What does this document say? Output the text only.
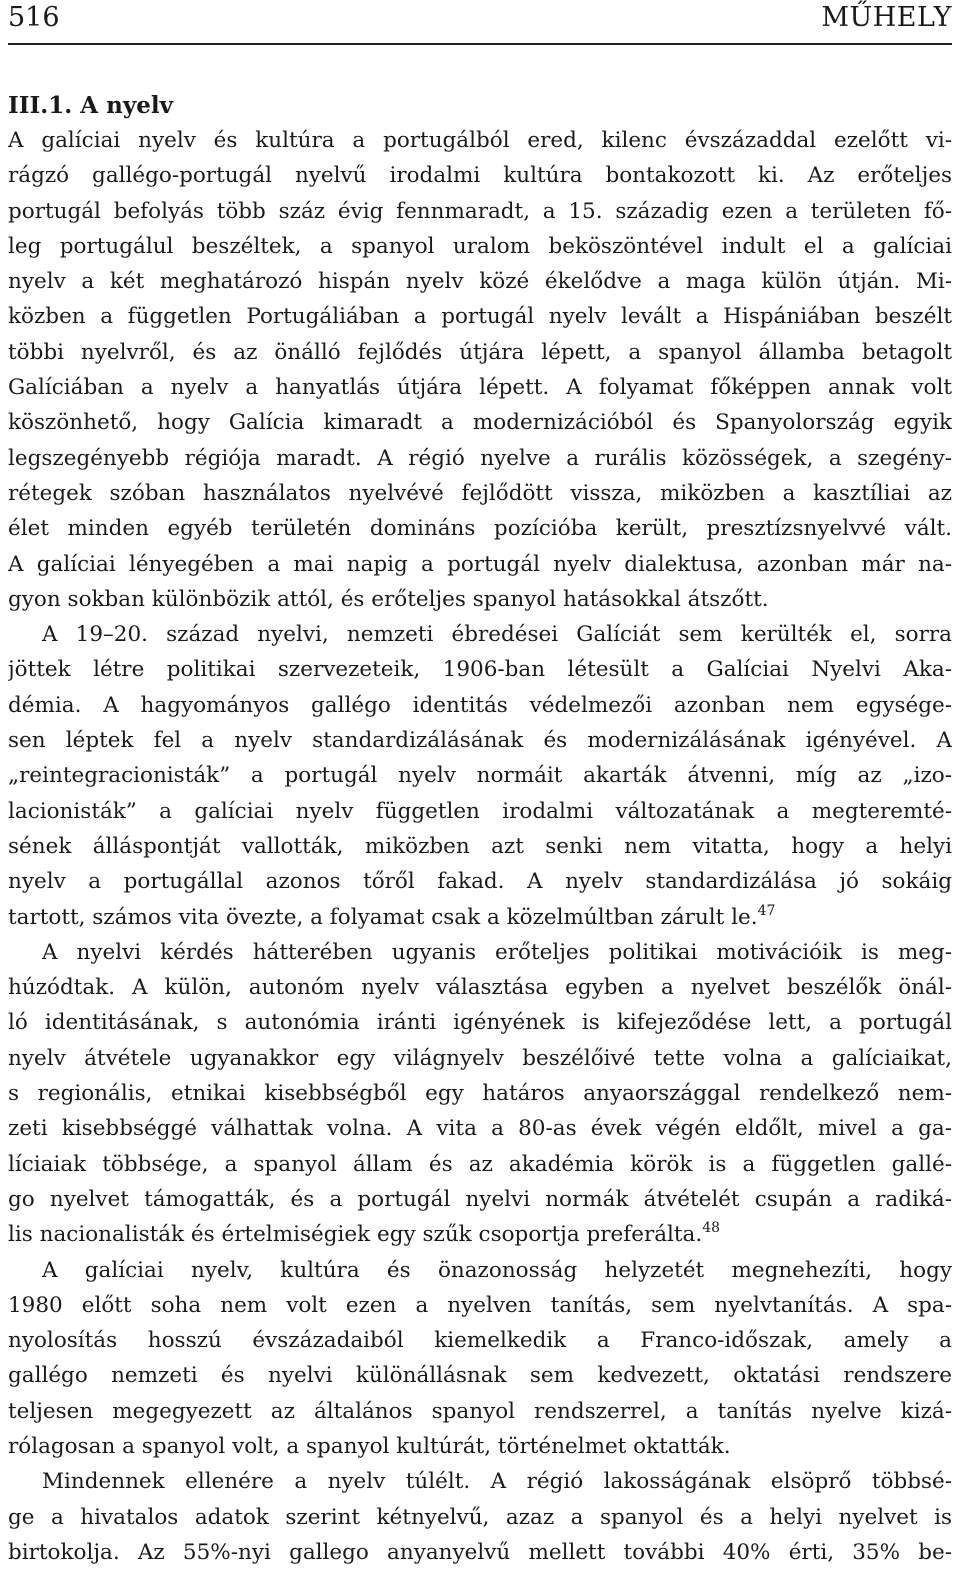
516	MŰHELY
III.1. A nyelv
A galíciai nyelv és kultúra a portugálból ered, kilenc évszázaddal ezelőtt vi-
rágzó gallégo-portugál nyelvű irodalmi kultúra bontakozott ki. Az erőteljes
portugál befolyás több száz évig fennmaradt, a 15. századig ezen a területen fő-
leg portugálul beszéltek, a spanyol uralom beköszöntével indult el a galíciai
nyelv a két meghatározó hispán nyelv közé ékelődve a maga külön útján. Mi-
közben a független Portugáliában a portugál nyelv levált a Hispániában beszélt
többi nyelvről, és az önálló fejlődés útjára lépett, a spanyol államba betagolt
Galíciában a nyelv a hanyatlás útjára lépett. A folyamat főképpen annak volt
köszönhető, hogy Galícia kimaradt a modernizációból és Spanyolország egyik
legszegényebb régiója maradt. A régió nyelve a rurális közösségek, a szegény-
rétegek szóban használatos nyelvévé fejlődött vissza, miközben a kasztíliai az
élet minden egyéb területén domináns pozícióba került, presztízsnyelvvé vált.
A galíciai lényegében a mai napig a portugál nyelv dialektusa, azonban már na-
gyon sokban különbözik attól, és erőteljes spanyol hatásokkal átszőtt.
A 19–20. század nyelvi, nemzeti ébredései Galíciát sem kerülték el, sorra
jöttek létre politikai szervezeteik, 1906-ban létesült a Galíciai Nyelvi Aka-
démia. A hagyományos gallégo identitás védelmezői azonban nem egysége-
sen léptek fel a nyelv standardizálásának és modernizálásának igényével. A
„reintegracionisták” a portugál nyelv normáit akarták átvenni, míg az „izo-
lacionisták” a galíciai nyelv független irodalmi változatának a megteremté-
sének álláspontját vallották, miközben azt senki nem vitatta, hogy a helyi
nyelv a portugállal azonos tőről fakad. A nyelv standardizálása jó sokáig
tartott, számos vita övezte, a folyamat csak a közelmúltban zárult le.$^{47}$
A nyelvi kérdés hátterében ugyanis erőteljes politikai motivációik is meg-
húzódtak. A külön, autonóm nyelv választása egyben a nyelvet beszélők önál-
ló identitásának, s autonómia iránti igényének is kifejeződése lett, a portugál
nyelv átvétele ugyanakkor egy világnyelv beszélőivé tette volna a galíciaikat,
s regionális, etnikai kisebbségből egy határos anyaországgal rendelkező nem-
zeti kisebbséggé válhattak volna. A vita a 80-as évek végén eldőlt, mivel a ga-
líciaiak többsége, a spanyol állam és az akadémia körök is a független gallé-
go nyelvet támogatták, és a portugál nyelvi normák átvételét csupán a radiká-
lis nacionalisták és értelmiségiek egy szűk csoportja preferálta.$^{48}$
A galíciai nyelv, kultúra és önazonosság helyzetét megnehezíti, hogy
1980 előtt soha nem volt ezen a nyelven tanítás, sem nyelvtanítás. A spa-
nyolosítás hosszú évszázadaiból kiemelkedik a Franco-időszak, amely a
gallégo nemzeti és nyelvi különállásnak sem kedvezett, oktatási rendszere
teljesen megegyezett az általános spanyol rendszerrel, a tanítás nyelve kizá-
rólagosan a spanyol volt, a spanyol kultúrát, történelmet oktatták.
Mindennek ellenére a nyelv túlélt. A régió lakosságának elsöprő többsé-
ge a hivatalos adatok szerint kétnyelvű, azaz a spanyol és a helyi nyelvet is
birtokolja. Az 55%-nyi gallego anyanyelvű mellett további 40% érti, 35% be-
